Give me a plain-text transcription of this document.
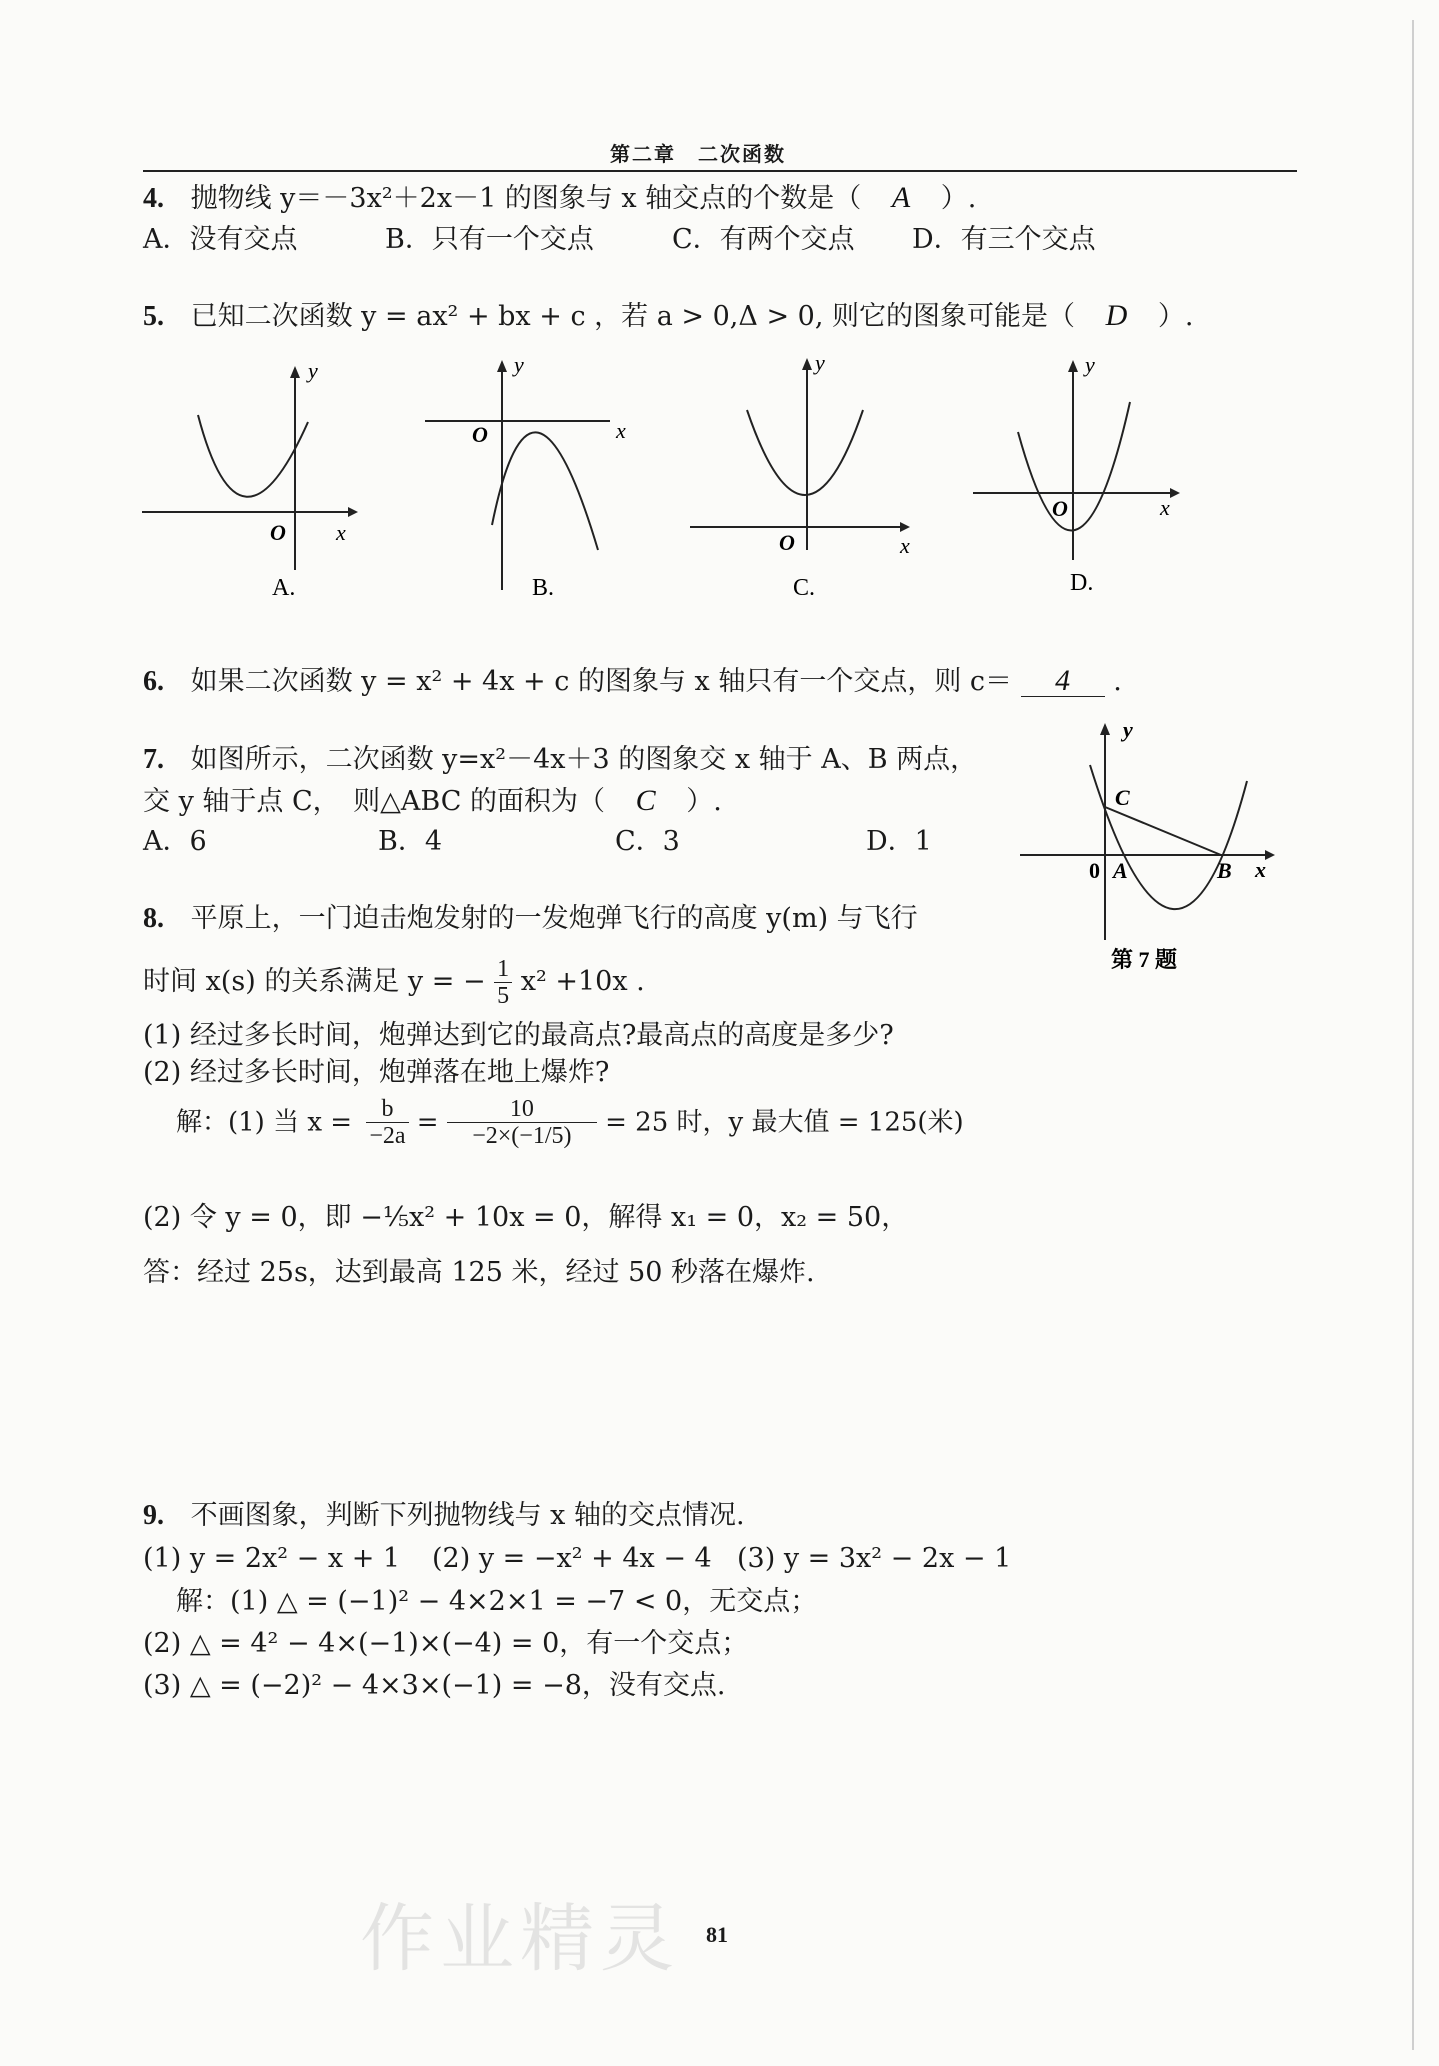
第二章　二次函数
4. 抛物线 y＝－3x²＋2x－1 的图象与 x 轴交点的个数是（ A ）.
A．没有交点	B．只有一个交点	C．有两个交点 D．有三个交点
5. 已知二次函数 y = ax² + bx + c ，若 a > 0,Δ > 0, 则它的图象可能是（ D ）.
y
x
O
A.
y
x
O
B.
y
x
O
C.
y
x
O
D.
6. 如果二次函数 y = x² + 4x + c 的图象与 x 轴只有一个交点，则 c＝ 4 .
7. 如图所示，二次函数 y=x²－4x＋3 的图象交 x 轴于 A、B 两点，
交 y 轴于点 C，　则△ABC 的面积为（ C ）.
A．6	B．4	C．3	D．1
y
x
C
A	B
0
第 7 题
8. 平原上，一门迫击炮发射的一发炮弹飞行的高度 y(m) 与飞行
时间 x(s) 的关系满足 y = − $\frac{1}{5} x^2 +10x$ .
(1) 经过多长时间，炮弹达到它的最高点?最高点的高度是多少?
(2) 经过多长时间，炮弹落在地上爆炸?
解：(1) 当 $x = \frac{b}{-2a} = \frac{10}{-2\times(-1/5)} = 25$ 时，y 最大值 = 125(米)
(2) 令 y = 0，即 −⅕x² + 10x = 0，解得 x₁ = 0，x₂ = 50，
答：经过 25s，达到最高 125 米，经过 50 秒落在爆炸.
9. 不画图象，判断下列抛物线与 x 轴的交点情况.
(1) y = 2x² − x + 1 (2) y = −x² + 4x − 4 (3) y = 3x² − 2x − 1
解：(1) △ = (−1)² − 4×2×1 = −7 < 0，无交点；
(2) △ = 4² − 4×(−1)×(−4) = 0，有一个交点；
(3) △ = (−2)² − 4×3×(−1) = −8，没有交点.
作业精灵 81
